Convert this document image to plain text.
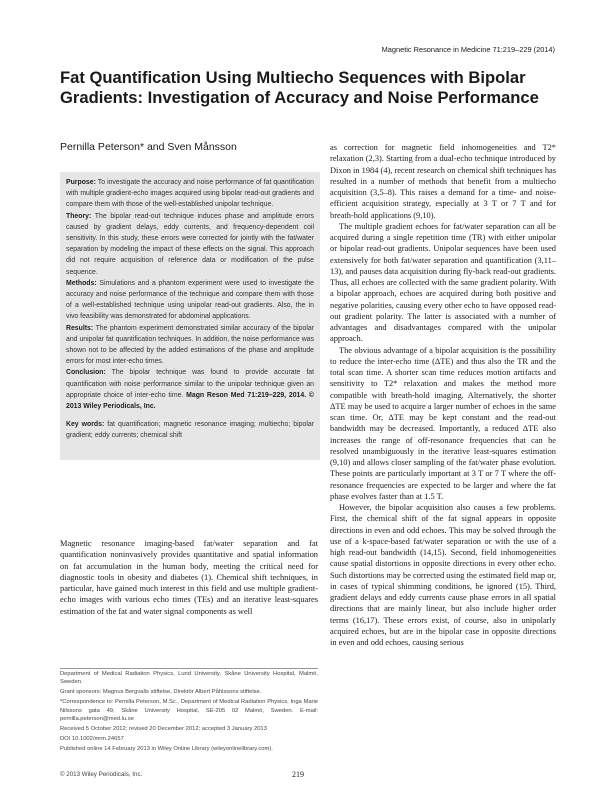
Magnetic Resonance in Medicine 71:219–229 (2014)
Fat Quantification Using Multiecho Sequences with Bipolar Gradients: Investigation of Accuracy and Noise Performance
Pernilla Peterson* and Sven Månsson

Purpose: To investigate the accuracy and noise performance of fat quantification with multiple gradient-echo images acquired using bipolar read-out gradients and compare them with those of the well-established unipolar technique.

Theory: The bipolar read-out technique induces phase and amplitude errors caused by gradient delays, eddy currents, and frequency-dependent coil sensitivity. In this study, these errors were corrected for jointly with the fat/water separation by modeling the impact of these effects on the signal. This approach did not require acquisition of reference data or modification of the pulse sequence.

Methods: Simulations and a phantom experiment were used to investigate the accuracy and noise performance of the technique and compare them with those of a well-established technique using unipolar read-out gradients. Also, the in vivo feasibility was demonstrated for abdominal applications.

Results: The phantom experiment demonstrated similar accuracy of the bipolar and unipolar fat quantification techniques. In addition, the noise performance was shown not to be affected by the added estimations of the phase and amplitude errors for most inter-echo times.

Conclusion: The bipolar technique was found to provide accurate fat quantification with noise performance similar to the unipolar technique given an appropriate choice of inter-echo time. Magn Reson Med 71:219–229, 2014. © 2013 Wiley Periodicals, Inc.

Key words: fat quantification; magnetic resonance imaging; multiecho; bipolar gradient; eddy currents; chemical shift

Magnetic resonance imaging-based fat/water separation and fat quantification noninvasively provides quantitative and spatial information on fat accumulation in the human body, meeting the critical need for diagnostic tools in obesity and diabetes (1). Chemical shift techniques, in particular, have gained much interest in this field and use multiple gradient-echo images with various echo times (TEs) and an iterative least-squares estimation of the fat and water signal components as well

Department of Medical Radiation Physics, Lund University, Skåne University Hospital, Malmö, Sweden.

Grant sponsors: Magnus Bergvalls stiftelse, Direktör Albert Påhlssons stiftelse.

*Correspondence to: Pernilla Peterson, M.Sc., Department of Medical Radiation Physics, Inga Marie Nilssons gata 49, Skåne University Hospital, SE-205 02 Malmö, Sweden. E-mail: pernilla.peterson@med.lu.se

Received 5 October 2012; revised 20 December 2012; accepted 3 January 2013

DOI 10.1002/mrm.24657

Published online 14 February 2013 in Wiley Online Library (wileyonlinelibrary.com).

© 2013 Wiley Periodicals, Inc.	219

as correction for magnetic field inhomogeneities and T2* relaxation (2,3). Starting from a dual-echo technique introduced by Dixon in 1984 (4), recent research on chemical shift techniques has resulted in a number of methods that benefit from a multiecho acquisition (3,5–8). This raises a demand for a time- and noise-efficient acquisition strategy, especially at 3 T or 7 T and for breath-hold applications (9,10).

The multiple gradient echoes for fat/water separation can all be acquired during a single repetition time (TR) with either unipolar or bipolar read-out gradients. Unipolar sequences have been used extensively for both fat/water separation and quantification (3,11–13), and pauses data acquisition during fly-back read-out gradients. Thus, all echoes are collected with the same gradient polarity. With a bipolar approach, echoes are acquired during both positive and negative polarities, causing every other echo to have opposed read-out gradient polarity. The latter is associated with a number of advantages and disadvantages compared with the unipolar approach.

The obvious advantage of a bipolar acquisition is the possibility to reduce the inter-echo time (ΔTE) and thus also the TR and the total scan time. A shorter scan time reduces motion artifacts and sensitivity to T2* relaxation and makes the method more compatible with breath-hold imaging. Alternatively, the shorter ΔTE may be used to acquire a larger number of echoes in the same scan time. Or, ΔTE may be kept constant and the read-out bandwidth may be decreased. Importantly, a reduced ΔTE also increases the range of off-resonance frequencies that can be resolved unambiguously in the iterative least-squares estimation (9,10) and allows closer sampling of the fat/water phase evolution. These points are particularly important at 3 T or 7 T where the off-resonance frequencies are expected to be larger and where the fat phase evolves faster than at 1.5 T.

However, the bipolar acquisition also causes a few problems. First, the chemical shift of the fat signal appears in opposite directions in even and odd echoes. This may be solved through the use of a k-space-based fat/water separation or with the use of a high read-out bandwidth (14,15). Second, field inhomogeneities cause spatial distortions in opposite directions in every other echo. Such distortions may be corrected using the estimated field map or, in cases of typical shimming conditions, be ignored (15). Third, gradient delays and eddy currents cause phase errors in all spatial directions that are mainly linear, but also include higher order terms (16,17). These errors exist, of course, also in unipolarly acquired echoes, but are in the bipolar case in opposite directions in even and odd echoes, causing serious
